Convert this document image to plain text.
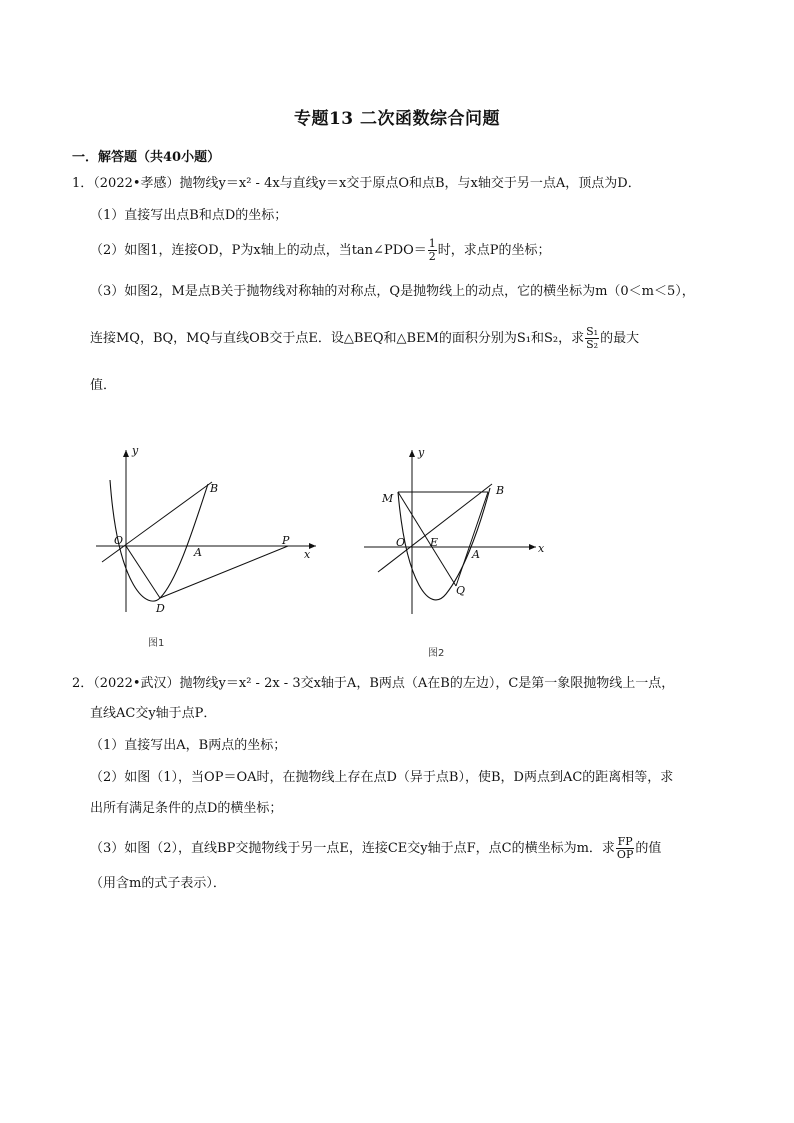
专题13 二次函数综合问题
一．解答题（共40小题）
1．（2022•孝感）抛物线y＝x² - 4x与直线y＝x交于原点O和点B，与x轴交于另一点A，顶点为D．
（1）直接写出点B和点D的坐标；
（2）如图1，连接OD，P为x轴上的动点，当tan∠PDO＝ $\frac{1}{2}$ 时，求点P的坐标；
（3）如图2，M是点B关于抛物线对称轴的对称点，Q是抛物线上的动点，它的横坐标为m（0＜m＜5），
连接MQ，BQ，MQ与直线OB交于点E．设△BEQ和△BEM的面积分别为S₁和S₂，求 $\frac{\text{S₁}}{\text{S₂}}$ 的最大
值．
y
x
O
A
B
D
P
图1
y
x
O E
A
B
M
Q
图2
2．（2022•武汉）抛物线y＝x² - 2x - 3交x轴于A，B两点（A在B的左边），C是第一象限抛物线上一点，
直线AC交y轴于点P．
（1）直接写出A，B两点的坐标；
（2）如图（1），当OP＝OA时，在抛物线上存在点D（异于点B），使B，D两点到AC的距离相等，求
出所有满足条件的点D的横坐标；
（3）如图（2），直线BP交抛物线于另一点E，连接CE交y轴于点F，点C的横坐标为m．求 $\frac{FP}{OP}$ 的值
（用含m的式子表示）．
